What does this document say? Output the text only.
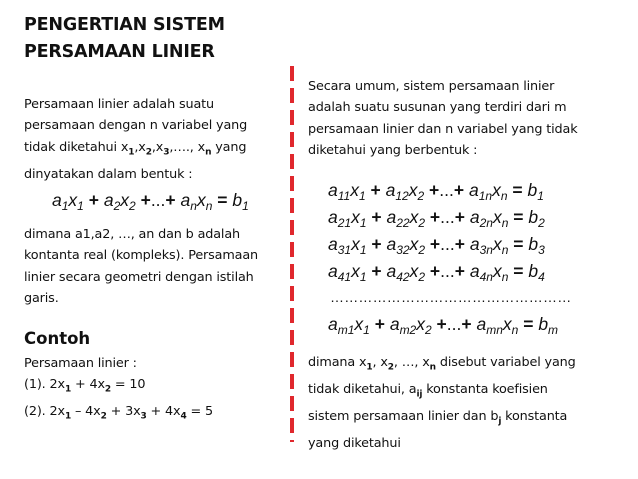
PENGERTIAN SISTEM
PERSAMAAN LINIER
Persamaan linier adalah suatu
persamaan dengan n variabel yang
tidak diketahui $x_1,x_2,x_3,\dots$., $x_n$ yang
dinyatakan dalam bentuk :
$a_1x_1 + a_2x_2$ +...+ $a_nx_n = b_1$
dimana a1,a2, …, an dan b adalah
kontanta real (kompleks). Persamaan
linier secara geometri dengan istilah
garis.
Contoh
Persamaan linier :
(1). $2x_1 + 4x_2 = 10$
(2). $2x_1 - 4x_2 + 3x_3 + 4x_4 = 5$
Secara umum, sistem persamaan linier
adalah suatu susunan yang terdiri dari m
persamaan linier dan n variabel yang tidak
diketahui yang berbentuk :
$a_{11}x_1 + a_{12}x_2$ +...+ $a_{1n}x_n = b_1$
$a_{21}x_1 + a_{22}x_2$ +...+ $a_{2n}x_n = b_2$
$a_{31}x_1 + a_{32}x_2$ +...+ $a_{3n}x_n = b_3$
$a_{41}x_1 + a_{42}x_2$ +...+ $a_{4n}x_n = b_4$
……………………………………………
$a_{m1}x_1 + a_{m2}x_2$ +...+ $a_{mn}x_n = b_m$
dimana $x_1$, $x_2$, …, $x_n$ disebut variabel yang
tidak diketahui, $a_{ij}$ konstanta koefisien
sistem persamaan linier dan $b_j$ konstanta
yang diketahui
